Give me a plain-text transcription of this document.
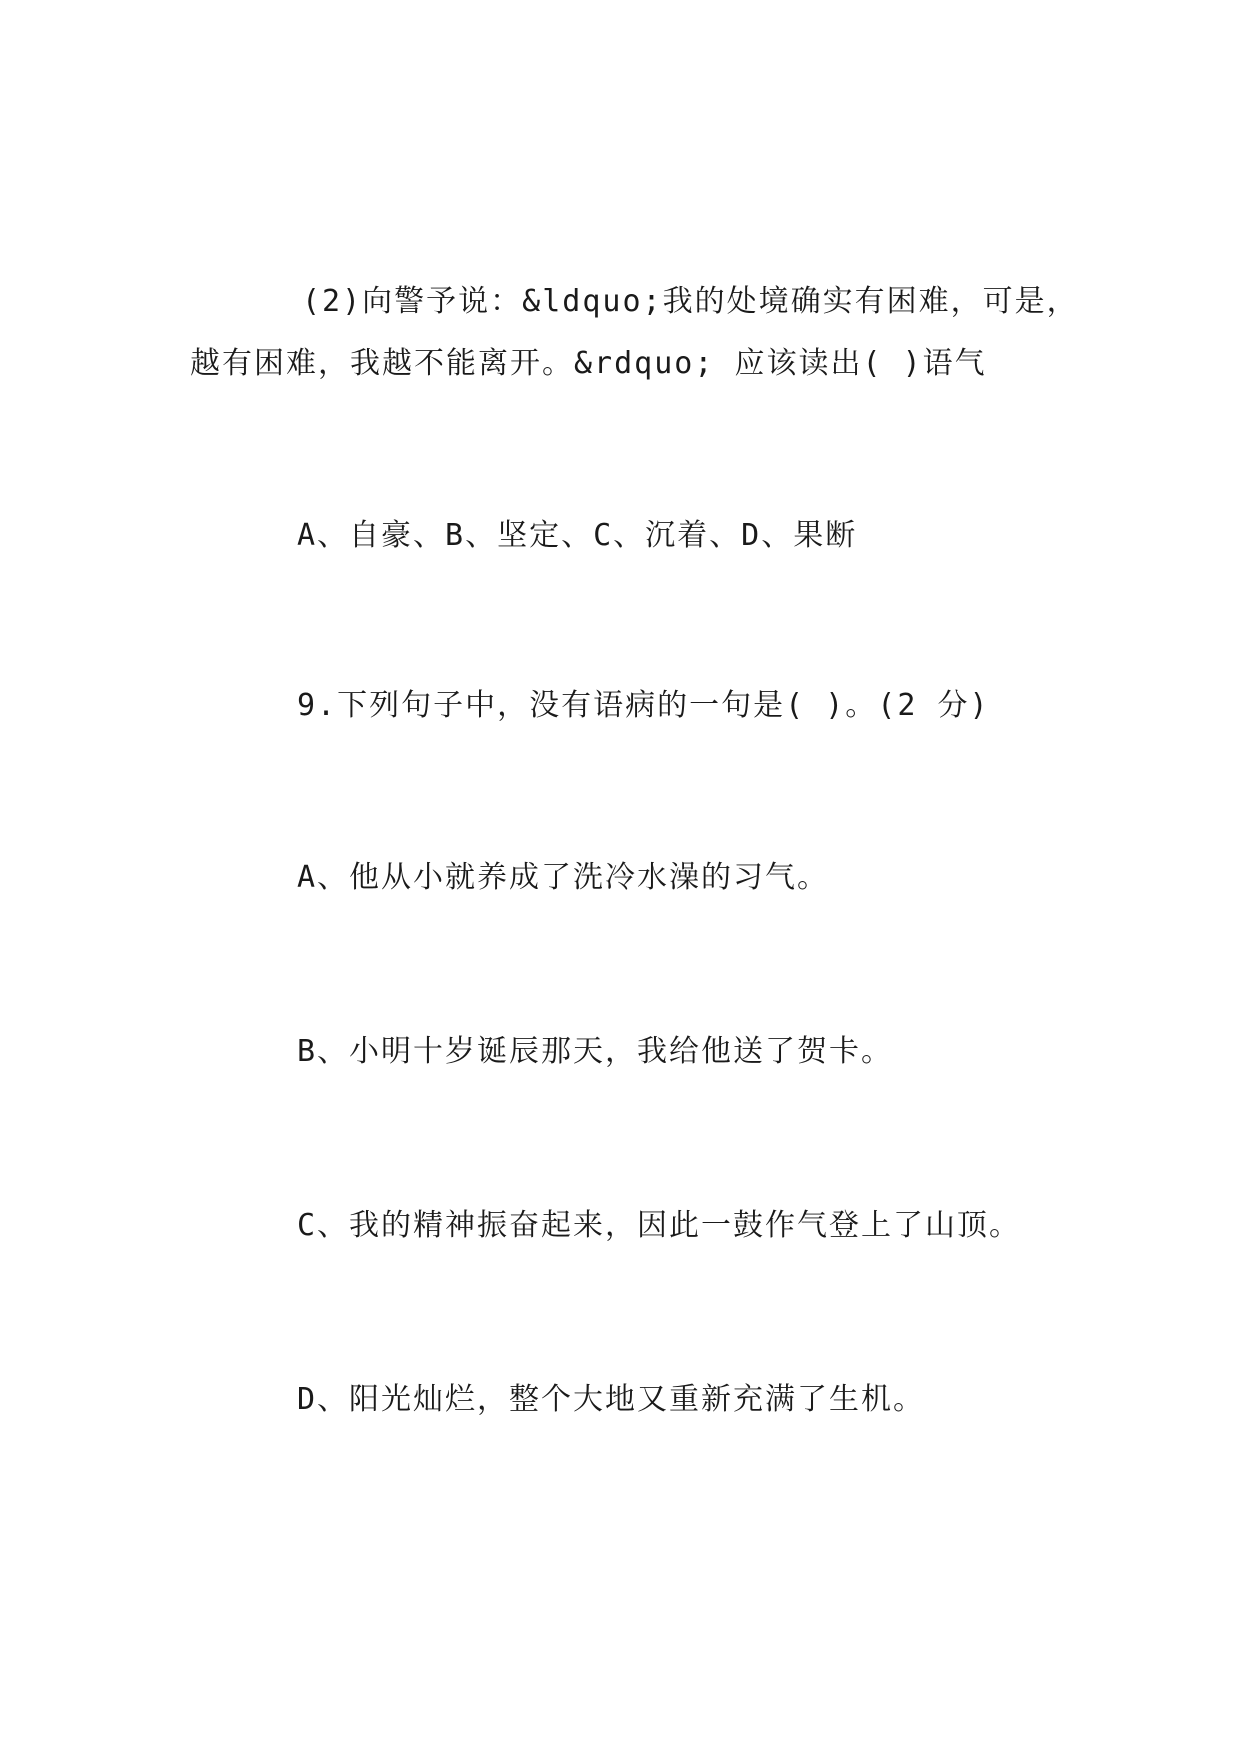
(2)向警予说：&ldquo;我的处境确实有困难，可是，
越有困难，我越不能离开。&rdquo; 应该读出( )语气
A、自豪、B、坚定、C、沉着、D、果断
9.下列句子中，没有语病的一句是( )。(2 分)
A、他从小就养成了洗冷水澡的习气。
B、小明十岁诞辰那天，我给他送了贺卡。
C、我的精神振奋起来，因此一鼓作气登上了山顶。
D、阳光灿烂，整个大地又重新充满了生机。
